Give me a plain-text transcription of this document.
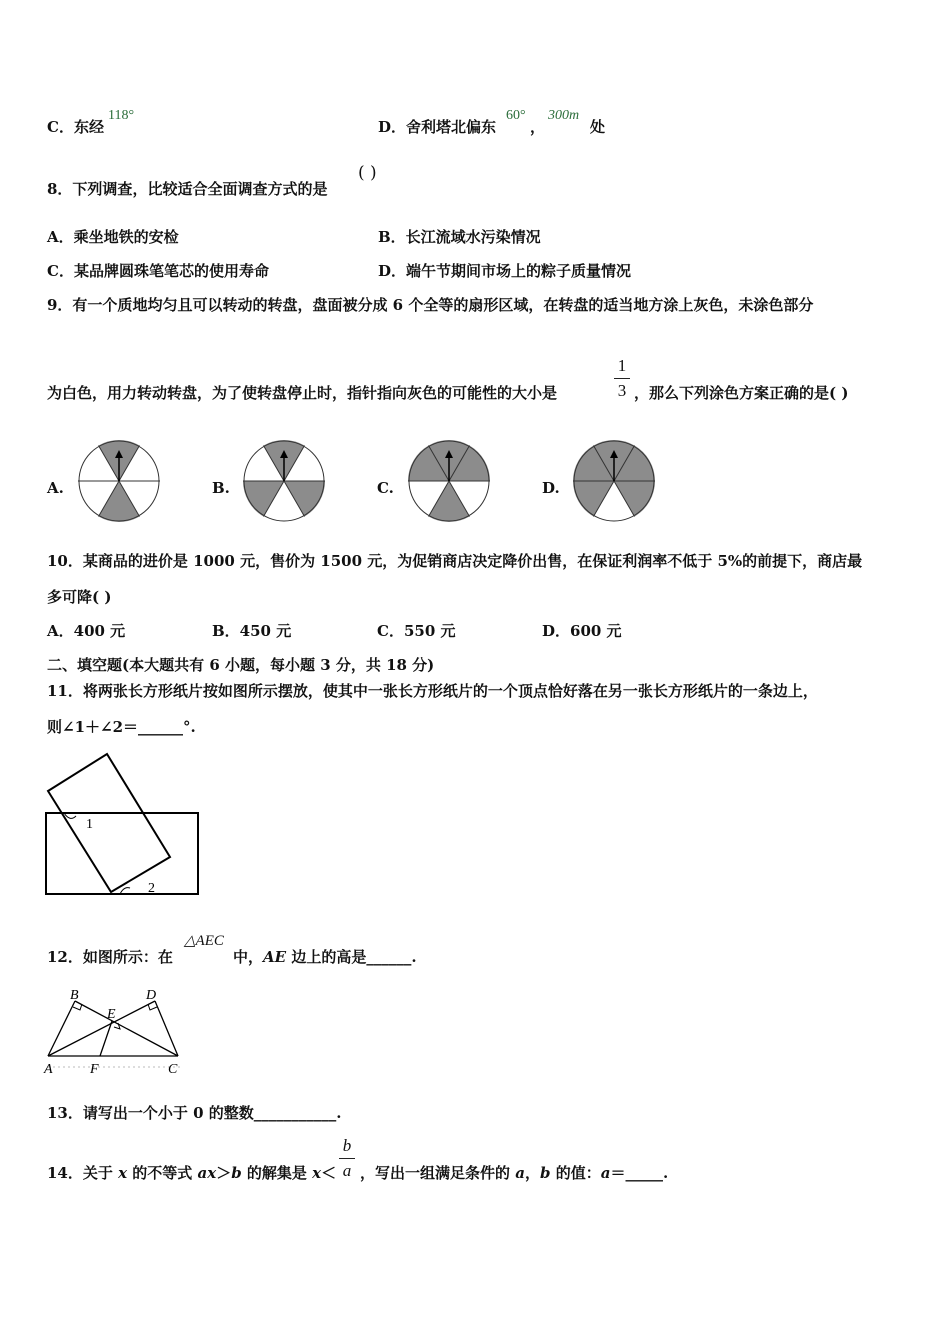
C．东经
118°
D．舍利塔北偏东
60°
，
300m
处
8．下列调查，比较适合全面调查方式的是
( )
A．乘坐地铁的安检	B．长江流域水污染情况
C．某品牌圆珠笔笔芯的使用寿命	D．端午节期间市场上的粽子质量情况
9．有一个质地均匀且可以转动的转盘，盘面被分成 6 个全等的扇形区域，在转盘的适当地方涂上灰色，未涂色部分
为白色，用力转动转盘，为了使转盘停止时，指针指向灰色的可能性的大小是
1
3 ，那么下列涂色方案正确的是( )
A.	B.	C.	D.
10．某商品的进价是 1000 元，售价为 1500 元，为促销商店决定降价出售，在保证利润率不低于 5%的前提下，商店最
多可降( )
A．400 元	B．450 元	C．550 元	D．600 元
二、填空题(本大题共有 6 小题，每小题 3 分，共 18 分)
11．将两张长方形纸片按如图所示摆放，使其中一张长方形纸片的一个顶点恰好落在另一张长方形纸片的一条边上，
则∠1＋∠2＝______°.
1
2
12．如图所示：在
△AEC
中，AE 边上的高是______.
B	D
E
A	F	C
13．请写出一个小于 0 的整数___________.
14．关于 x 的不等式 ax＞b 的解集是 x＜
b
a ，写出一组满足条件的 a，b 的值：a＝_____.
